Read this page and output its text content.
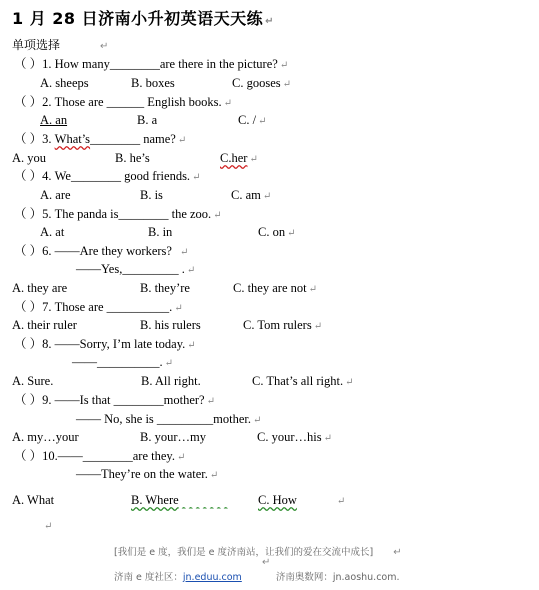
1 月 28 日济南小升初英语天天练 ↵
单项选择	↵
（ ）1. How many________are there in the picture? ↵
A. sheeps	B. boxes	C. gooses ↵
（ ）2. Those are ______ English books. ↵
A. an	B. a	C. / ↵
（ ）3. What’s________ name? ↵
A. you	B. he’s	C.her ↵
（ ）4. We________ good friends. ↵
A. are	B. is	C. am ↵
（ ）5. The panda is________ the zoo. ↵
A. at	B. in	C. on ↵
（ ）6. ——Are they workers? ↵
——Yes,_________ . ↵
A. they are	B. they’re	C. they are not ↵
（ ）7. Those are __________. ↵
A. their ruler	B. his rulers	C. Tom rulers ↵
（ ）8. ——Sorry, I’m late today. ↵
——__________. ↵
A. Sure.	B. All right.	C. That’s all right. ↵
（ ）9. ——Is that ________mother? ↵
—— No, she is _________mother. ↵
A. my…your	B. your…my	C. your…his ↵
（ ）10.——________are they. ↵
——They’re on the water. ↵
A. What	B. Where	C. How	↵
↵
[我们是 e 度，我们是 e 度济南站，让我们的爱在交流中成长] ↵
↵
济南 e 度社区：jn.eduu.com	济南奥数网：jn.aoshu.com.
